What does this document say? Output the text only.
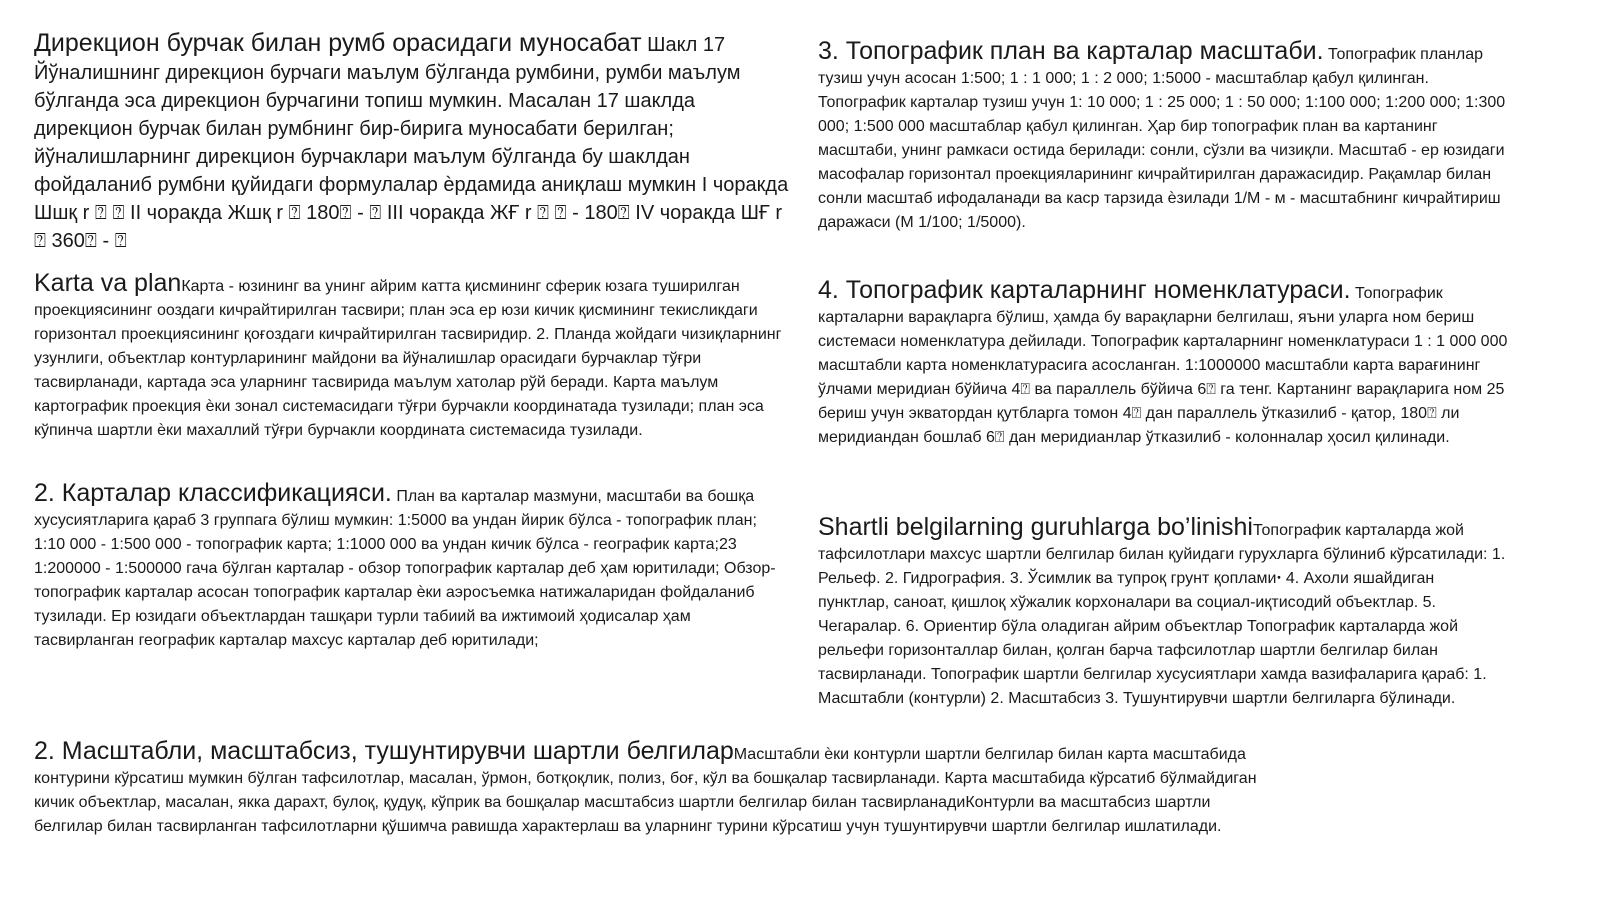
Дирекцион бурчак билан румб орасидаги муносабат Шакл 17
Йўналишнинг дирекцион бурчаги маълум бўлганда румбини, румби маълум бўлганда эса дирекцион бурчагини топиш мумкин. Масалан 17 шаклда дирекцион бурчак билан румбнинг бир-бирига муносабати берилган; йўналишларнинг дирекцион бурчаклари маълум бўлганда бу шаклдан фойдаланиб румбни қуйидаги формулалар ѐрдамида аниқлаш мумкин I чоракда Шшқ r ⍰ ⍰ II чоракда Жшқ r ⍰ 180⍰ - ⍰ III чоракда ЖҒ r ⍰ ⍰ - 180⍰ IV чоракда ШҒ r ⍰ 360⍰ - ⍰

Karta va planКарта - юзининг ва унинг айрим катта қисмининг сферик юзага туширилган проекциясининг ооздаги кичрайтирилган тасвири; план эса ер юзи кичик қисмининг текисликдаги горизонтал проекциясининг қоғоздаги кичрайтирилган тасвиридир. 2. Планда жойдаги чизиқларнинг узунлиги, объектлар контурларининг майдони ва йўналишлар орасидаги бурчаклар тўғри тасвирланади, картада эса уларнинг тасвирида маълум хатолар рўй беради. Карта маълум картографик проекция ѐки зонал системасидаги тўғри бурчакли координатада тузилади; план эса кўпинча шартли ѐки махаллий тўғри бурчакли координата системасида тузилади.

2. Карталар классификацияси. План ва карталар мазмуни, масштаби ва бошқа хусусиятларига қараб 3 группага бўлиш мумкин: 1:5000 ва ундан йирик бўлса - топографик план; 1:10 000 - 1:500 000 - топографик карта; 1:1000 000 ва ундан кичик бўлса - географик карта;23 1:200000 - 1:500000 гача бўлган карталар - обзор топографик карталар деб ҳам юритилади; Обзор-топографик карталар асосан топографик карталар ѐки аэросъемка натижаларидан фойдаланиб тузилади. Ер юзидаги объектлардан ташқари турли табиий ва ижтимоий ҳодисалар ҳам тасвирланган географик карталар махсус карталар деб юритилади;

2. Масштабли, масштабсиз, тушунтирувчи шартли белгиларМасштабли ѐки контурли шартли белгилар билан карта масштабида контурини кўрсатиш мумкин бўлган тафсилотлар, масалан, ўрмон, ботқоқлик, полиз, боғ, кўл ва бошқалар тасвирланади. Карта масштабида кўрсатиб бўлмайдиган кичик объектлар, масалан, якка дарахт, булоқ, қудуқ, кўприк ва бошқалар масштабсиз шартли белгилар билан тасвирланадиКонтурли ва масштабсиз шартли белгилар билан тасвирланган тафсилотларни қўшимча равишда характерлаш ва уларнинг турини кўрсатиш учун тушунтирувчи шартли белгилар ишлатилади.

3. Топографик план ва карталар масштаби. Топографик планлар тузиш учун асосан 1:500; 1 : 1 000; 1 : 2 000; 1:5000 - масштаблар қабул қилинган. Топографик карталар тузиш учун 1: 10 000; 1 : 25 000; 1 : 50 000; 1:100 000; 1:200 000; 1:300 000; 1:500 000 масштаблар қабул қилинган. Ҳар бир топографик план ва картанинг масштаби, унинг рамкаси остида берилади: сонли, сўзли ва чизиқли. Масштаб - ер юзидаги масофалар горизонтал проекцияларининг кичрайтирилган даражасидир. Рақамлар билан сонли масштаб ифодаланади ва каср тарзида ѐзилади 1/М - м - масштабнинг кичрайтириш даражаси (М 1/100; 1/5000).

4. Топографик карталарнинг номенклатураси. Топографик карталарни варақларга бўлиш, ҳамда бу варақларни белгилаш, яъни уларга ном бериш системаси номенклатура дейилади. Топографик карталарнинг номенклатураси 1 : 1 000 000 масштабли карта номенклатурасига асосланган. 1:1000000 масштабли карта варағининг ўлчами меридиан бўйича 4⍰ ва параллель бўйича 6⍰ га тенг. Картанинг варақларига ном 25 бериш учун экватордан қутбларга томон 4⍰ дан параллель ўтказилиб - қатор, 180⍰ ли меридиандан бошлаб 6⍰ дан меридианлар ўтказилиб - колонналар ҳосил қилинади.

Shartli belgilarning guruhlarga bo’linishiТопографик карталарда жой тафсилотлари махсус шартли белгилар билан қуйидаги гурухларга бўлиниб кўрсатилади: 1. Рельеф. 2. Гидрография. 3. Ўсимлик ва тупроқ грунт қопламиꞏ 4. Ахоли яшайдиган пунктлар, саноат, қишлоқ хўжалик корхоналари ва социал-иқтисодий объектлар. 5. Чегаралар. 6. Ориентир бўла оладиган айрим объектлар Топографик карталарда жой рельефи горизонталлар билан, қолган барча тафсилотлар шартли белгилар билан тасвирланади. Топографик шартли белгилар хусусиятлари хамда вазифаларига қараб: 1. Масштабли (контурли) 2. Масштабсиз 3. Тушунтирувчи шартли белгиларга бўлинади.
